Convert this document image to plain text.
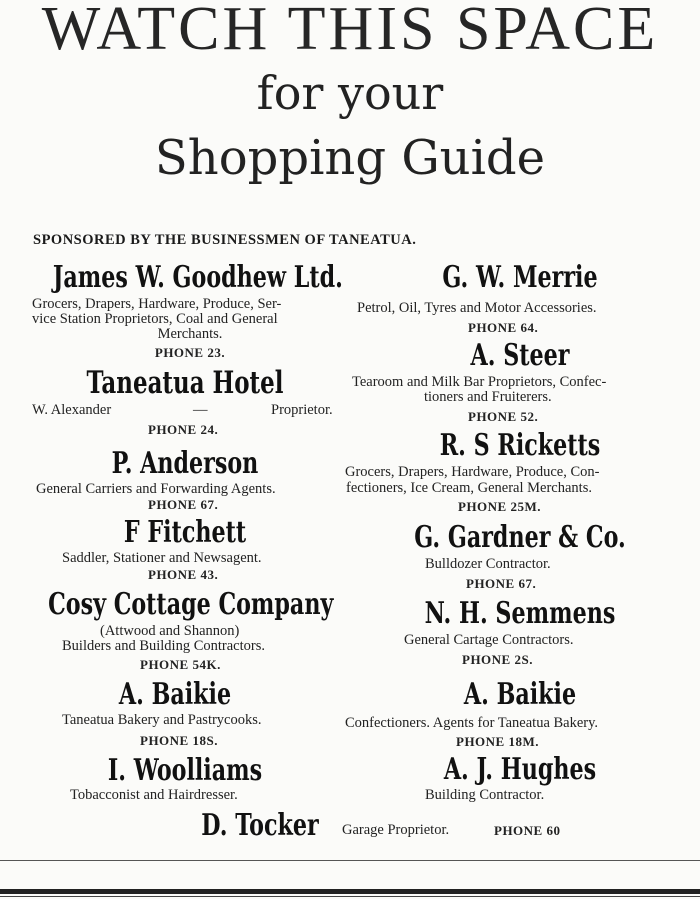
WATCH THIS SPACE
for your
Shopping Guide
SPONSORED BY THE BUSINESSMEN OF TANEATUA.
James W. Goodhew Ltd.
Grocers, Drapers, Hardware, Produce, Ser-
vice Station Proprietors, Coal and General
Merchants.
PHONE 23.
Taneatua Hotel
W. Alexander	—	Proprietor.
PHONE 24.
P. Anderson
General Carriers and Forwarding Agents.
PHONE 67.
F Fitchett
Saddler, Stationer and Newsagent.
PHONE 43.
Cosy Cottage Company
(Attwood and Shannon)
Builders and Building Contractors.
PHONE 54K.
A. Baikie
Taneatua Bakery and Pastrycooks.
PHONE 18S.
I. Woolliams
Tobacconist and Hairdresser.
D. Tocker
G. W. Merrie
Petrol, Oil, Tyres and Motor Accessories.
PHONE 64.
A. Steer
Tearoom and Milk Bar Proprietors, Confec-
tioners and Fruiterers.
PHONE 52.
R. S Ricketts
Grocers, Drapers, Hardware, Produce, Con-
fectioners, Ice Cream, General Merchants.
PHONE 25M.
G. Gardner & Co.
Bulldozer Contractor.
PHONE 67.
N. H. Semmens
General Cartage Contractors.
PHONE 2S.
A. Baikie
Confectioners. Agents for Taneatua Bakery.
PHONE 18M.
A. J. Hughes
Building Contractor.
Garage Proprietor.	PHONE 60
